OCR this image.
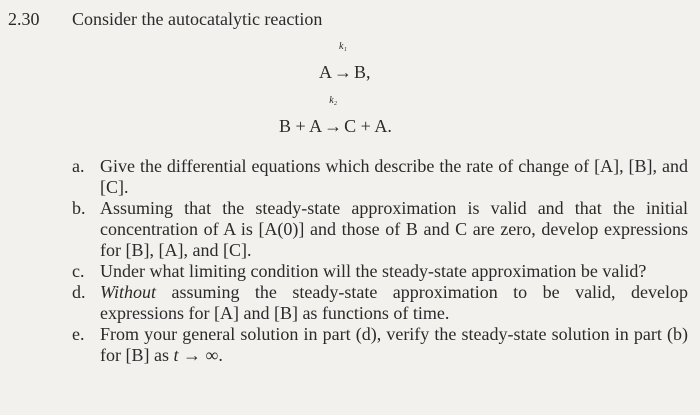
2.30 Consider the autocatalytic reaction
A
k₁
→ B,
B + A
k₂
→ C + A.
a. Give the differential equations which describe the rate of change of [A], [B], and [C].
b. Assuming that the steady-state approximation is valid and that the initial concentration of A is [A(0)] and those of B and C are zero, develop expressions for [B], [A], and [C].
c. Under what limiting condition will the steady-state approximation be valid?
d. Without assuming the steady-state approximation to be valid, develop expressions for [A] and [B] as functions of time.
e. From your general solution in part (d), verify the steady-state solution in part (b) for [B] as t → ∞.
